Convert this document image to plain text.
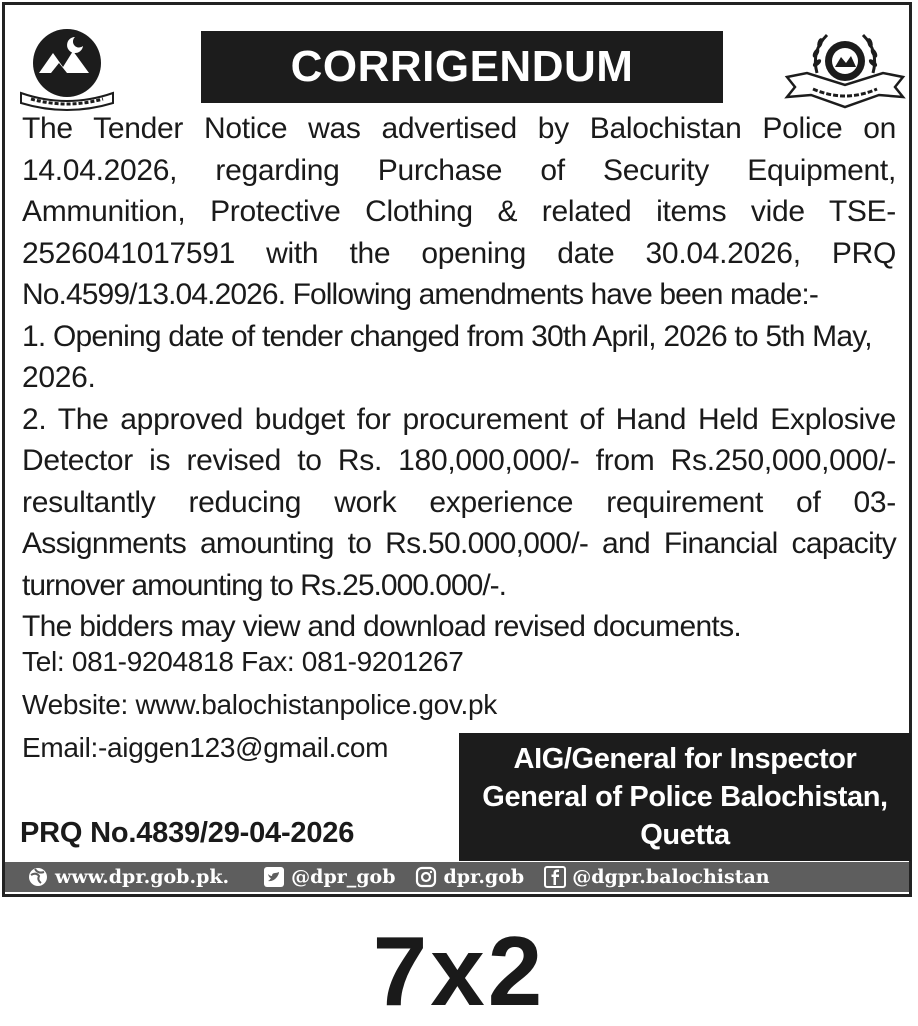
CORRIGENDUM
The Tender Notice was advertised by Balochistan Police on
14.04.2026, regarding Purchase of Security Equipment,
Ammunition, Protective Clothing & related items vide TSE-
2526041017591 with the opening date 30.04.2026, PRQ
No.4599/13.04.2026. Following amendments have been made:-
1. Opening date of tender changed from 30th April, 2026 to 5th May,
2026.
2. The approved budget for procurement of Hand Held Explosive
Detector is revised to Rs. 180,000,000/- from Rs.250,000,000/-
resultantly reducing work experience requirement of 03-
Assignments amounting to Rs.50.000,000/- and Financial capacity
turnover amounting to Rs.25.000.000/-.
The bidders may view and download revised documents.
Tel: 081-9204818 Fax: 081-9201267
Website: www.balochistanpolice.gov.pk
Email:-aiggen123@gmail.com	AIG/General for Inspector
General of Police Balochistan,
Quetta
PRQ No.4839/29-04-2026
www.dpr.gob.pk.	@dpr_gob	dpr.gob	@dgpr.balochistan
7x2
